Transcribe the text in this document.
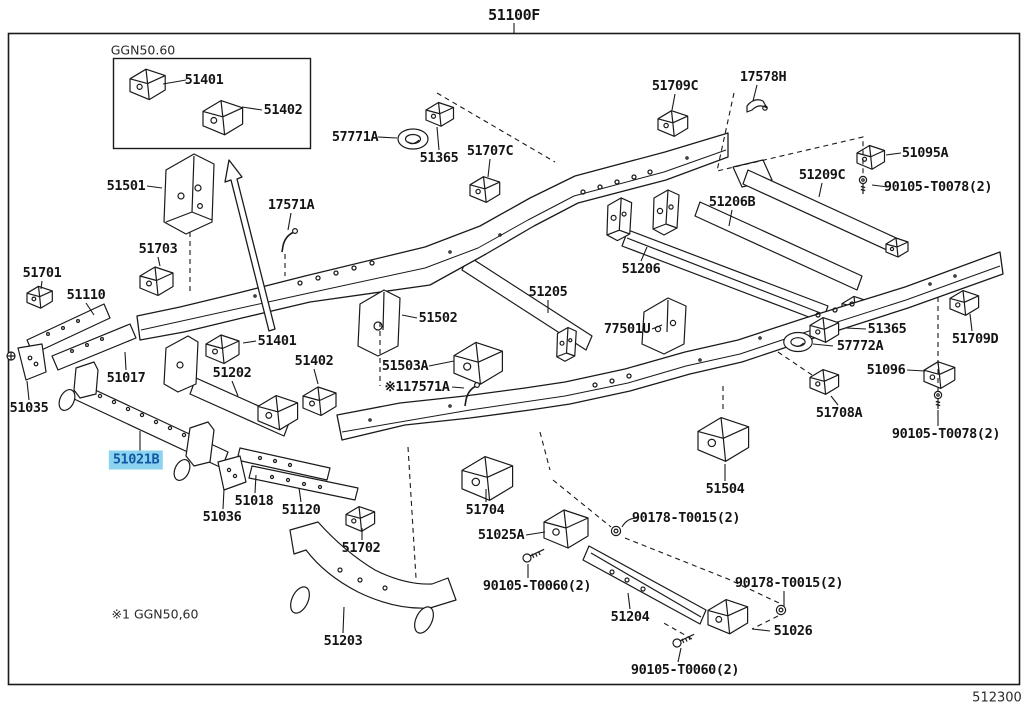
51100F
GGN50.60
51401
51402
57771A
51365 51707C
51501
17571A
51703
51709C
17578H
51095A
90105-T0078(2)
51209C
51206B
51701
51110
51206
51205
51502
77501U	51365
57772A	51709D
51401
51402	51503A	51096
51202
51017
※117571A
51035	51708A
90105-T0078(2)
51021B
51504
51018
51120	51704
51036	90178-T0015(2)
51025A
51702
90178-T0015(2)
90105-T0060(2)
※1 GGN50,60	51204
51026
51203
90105-T0060(2)
512300
